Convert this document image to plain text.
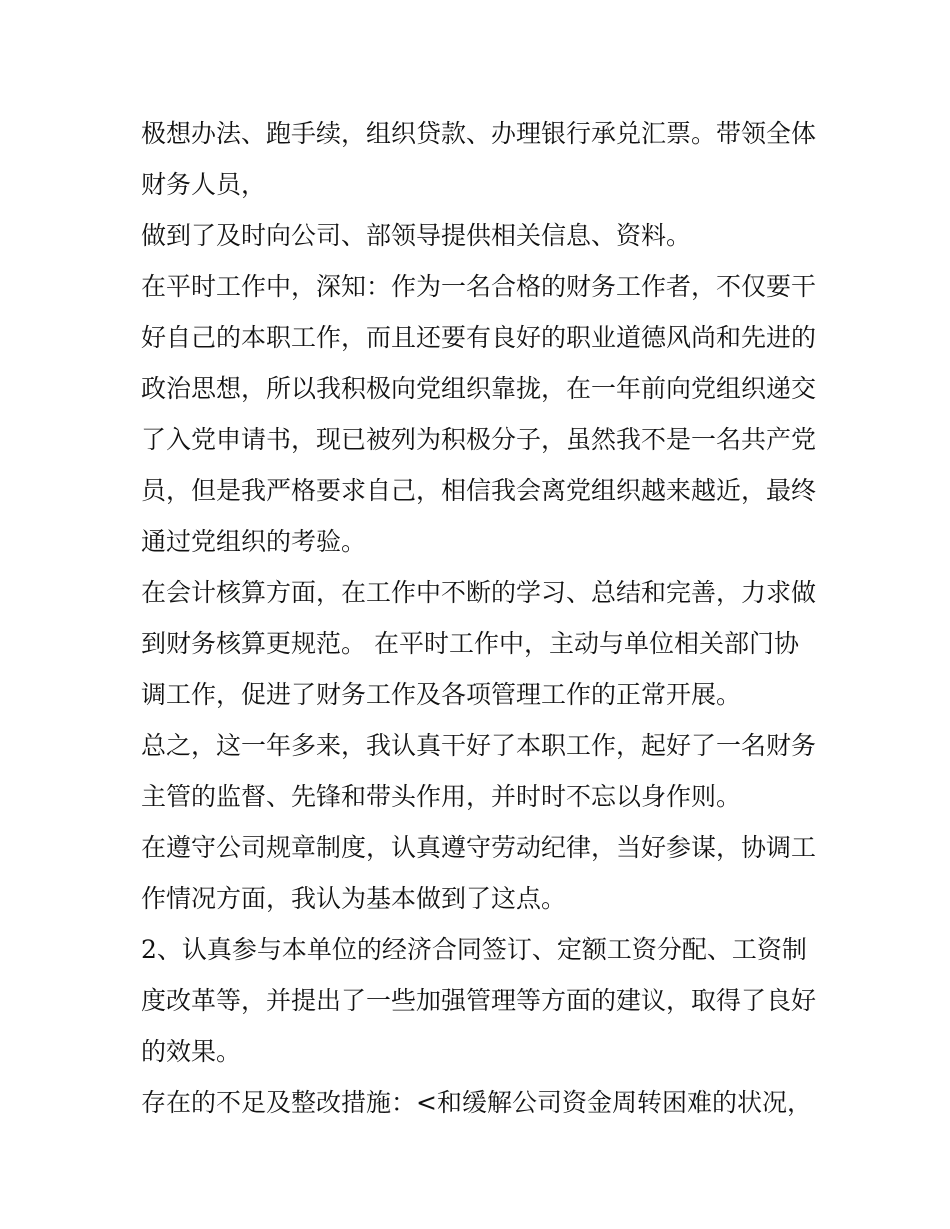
极想办法、跑手续，组织贷款、办理银行承兑汇票。带领全体
财务人员，
做到了及时向公司、部领导提供相关信息、资料。
在平时工作中，深知：作为一名合格的财务工作者，不仅要干
好自己的本职工作，而且还要有良好的职业道德风尚和先进的
政治思想，所以我积极向党组织靠拢，在一年前向党组织递交
了入党申请书，现已被列为积极分子，虽然我不是一名共产党
员，但是我严格要求自己，相信我会离党组织越来越近，最终
通过党组织的考验。
在会计核算方面，在工作中不断的学习、总结和完善，力求做
到财务核算更规范。 在平时工作中，主动与单位相关部门协
调工作，促进了财务工作及各项管理工作的正常开展。
总之，这一年多来，我认真干好了本职工作，起好了一名财务
主管的监督、先锋和带头作用，并时时不忘以身作则。
在遵守公司规章制度，认真遵守劳动纪律，当好参谋，协调工
作情况方面，我认为基本做到了这点。
2、认真参与本单位的经济合同签订、定额工资分配、工资制
度改革等，并提出了一些加强管理等方面的建议，取得了良好
的效果。
存在的不足及整改措施：<和缓解公司资金周转困难的状况，
